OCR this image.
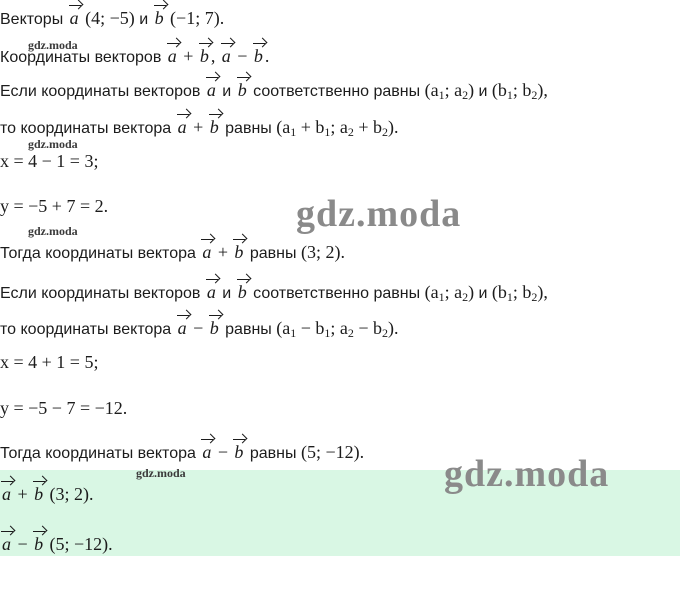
Векторы a (4; −5) и b (−1; 7).
gdz.moda
Координаты векторов a + b , a − b .
Если координаты векторов a и b соответственно равны ($a_1$; $a_2$) и ($b_1$; $b_2$),
то координаты вектора a + b равны ($a_1 + b_1$; $a_2 + b_2$).
gdz.moda
x = 4 − 1 = 3;
y = −5 + 7 = 2.	gdz.moda
gdz.moda
Тогда координаты вектора a + b равны (3; 2).
Если координаты векторов a и b соответственно равны ($a_1$; $a_2$) и ($b_1$; $b_2$),
то координаты вектора a − b равны ($a_1 - b_1$; $a_2 - b_2$).
x = 4 + 1 = 5;
y = −5 − 7 = −12.
Тогда координаты вектора a − b равны (5; −12).
gdz.moda
gdz.moda
a + b (3; 2).
a − b (5; −12).
